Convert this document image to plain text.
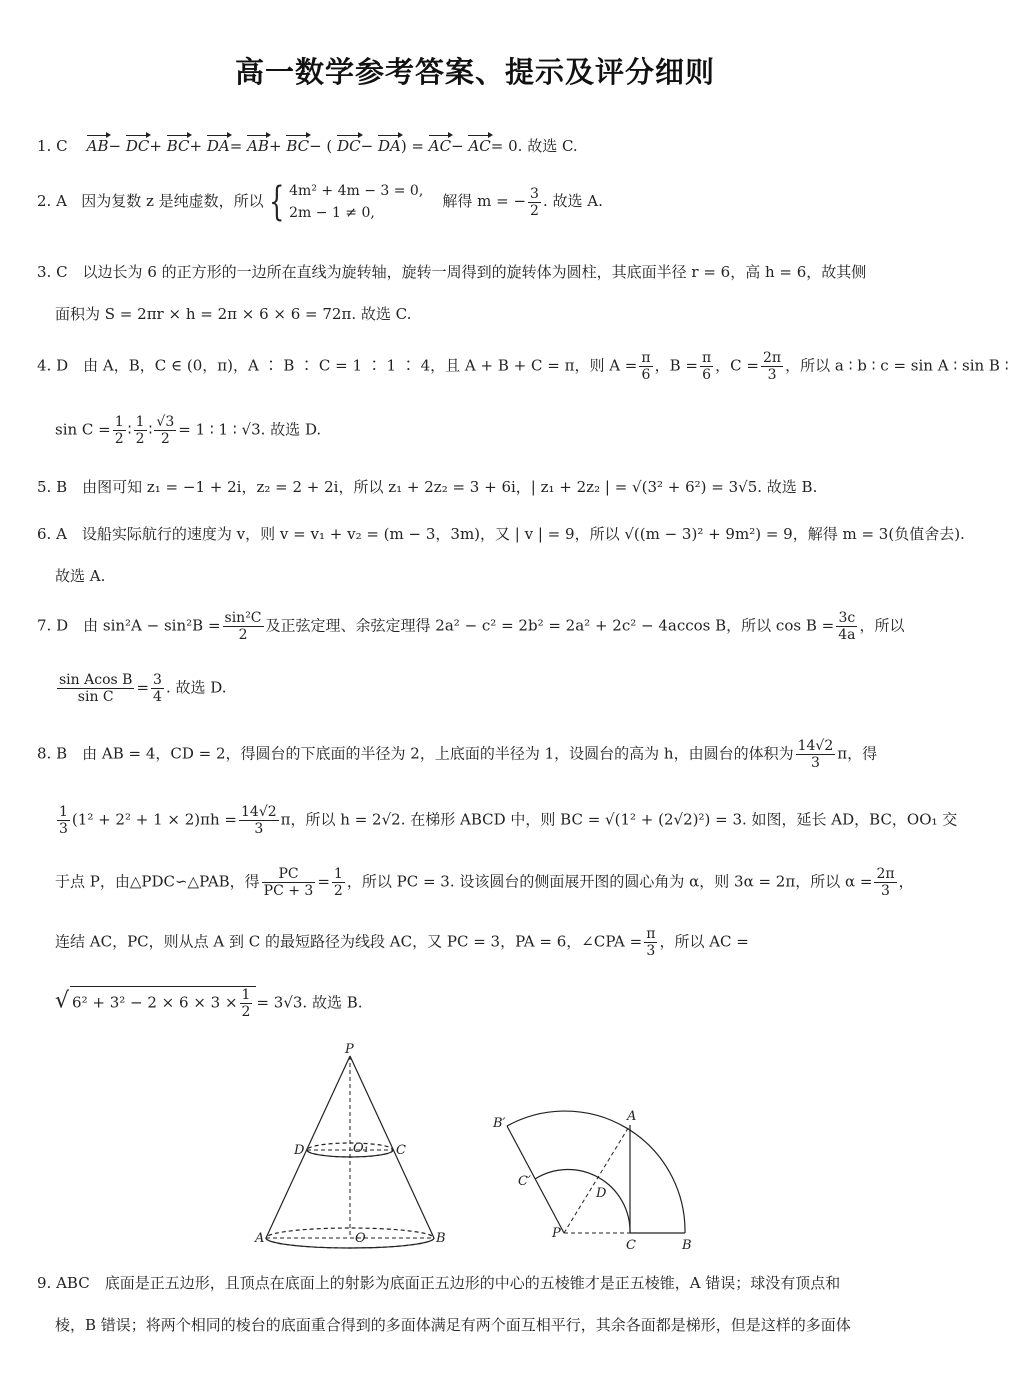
高一数学参考答案、提示及评分细则
1. C AB− DC+ BC+ DA= AB+ BC− ( DC− DA) = AC− AC= 0. 故选 C.
2. A 因为复数 z 是纯虚数，所以 { 4m² + 4m − 3 = 0,
2m − 1 ≠ 0,    解得 m = − $\frac{3}{2}$ . 故选 A.
3. C　以边长为 6 的正方形的一边所在直线为旋转轴，旋转一周得到的旋转体为圆柱，其底面半径 r = 6，高 h = 6，故其侧
面积为 S = 2πr × h = 2π × 6 × 6 = 72π. 故选 C.
4. D　由 A，B，C ∈ (0，π)，A ∶ B ∶ C = 1 ∶ 1 ∶ 4，且 A + B + C = π，则 $A = \frac{\pi}{6}$ ，$B = \frac{\pi}{6}$ ，$C = \frac{2\pi}{3}$ ，所以 a ∶ b ∶ c = sin A ∶ sin B ∶
$\sin C = \frac{1}{2}$ ∶ $\frac{1}{2}$ ∶ $\frac{√3}{2} = 1$ ∶ 1 ∶ √3. 故选 D.
5. B　由图可知 z₁ = −1 + 2i，z₂ = 2 + 2i，所以 z₁ + 2z₂ = 3 + 6i，| z₁ + 2z₂ | = √(3² + 6²) = 3√5. 故选 B.
6. A　设船实际航行的速度为 v，则 v = v₁ + v₂ = (m − 3，3m)，又 | v | = 9，所以 √((m − 3)² + 9m²) = 9，解得 m = 3(负值舍去).
故选 A.
7. D　由 $\sin^2A - \sin^2B = \frac{\text{sin²C}}{2}$ 及正弦定理、余弦定理得 2a² − c² = 2b² = 2a² + 2c² − 4accos B，所以 $\cos B = \frac{3c}{4a}$ ，所以
$\frac{\text{sin Acos B}}{\text{sin C}} = \frac{3}{4}$ . 故选 D.
8. B　由 AB = 4，CD = 2，得圆台的下底面的半径为 2，上底面的半径为 1，设圆台的高为 h，由圆台的体积为 $\frac{14√2}{3}$ π，得
$\frac{1}{3} (1^2 + 2^2 + 1 \times 2)\pi h = \frac{14√2}{3}$ π，所以 h = 2√2. 在梯形 ABCD 中，则 BC = √(1² + (2√2)²) = 3. 如图，延长 AD，BC，OO₁ 交
于点 P，由△PDC∽△PAB，得 $\frac{PC}{PC + 3} = \frac{1}{2}$ ，所以 PC = 3. 设该圆台的侧面展开图的圆心角为 α，则 3α = 2π，所以 $\alpha = \frac{2\pi}{3}$ ，
连结 AC，PC，则从点 A 到 C 的最短路径为线段 AC，又 PC = 3，PA = 6，∠CPA = $\frac{\pi}{3}$ ，所以 AC =
√ $6^2 + 3^2 - 2 \times 6 \times 3 \times \frac{1}{2} = 3√3$. 故选 B.
P
D	O₁ C
A	O	B
B′	A
C′
D
P
C	B
9. ABC　底面是正五边形，且顶点在底面上的射影为底面正五边形的中心的五棱锥才是正五棱锥，A 错误；球没有顶点和
棱，B 错误；将两个相同的棱台的底面重合得到的多面体满足有两个面互相平行，其余各面都是梯形，但是这样的多面体
